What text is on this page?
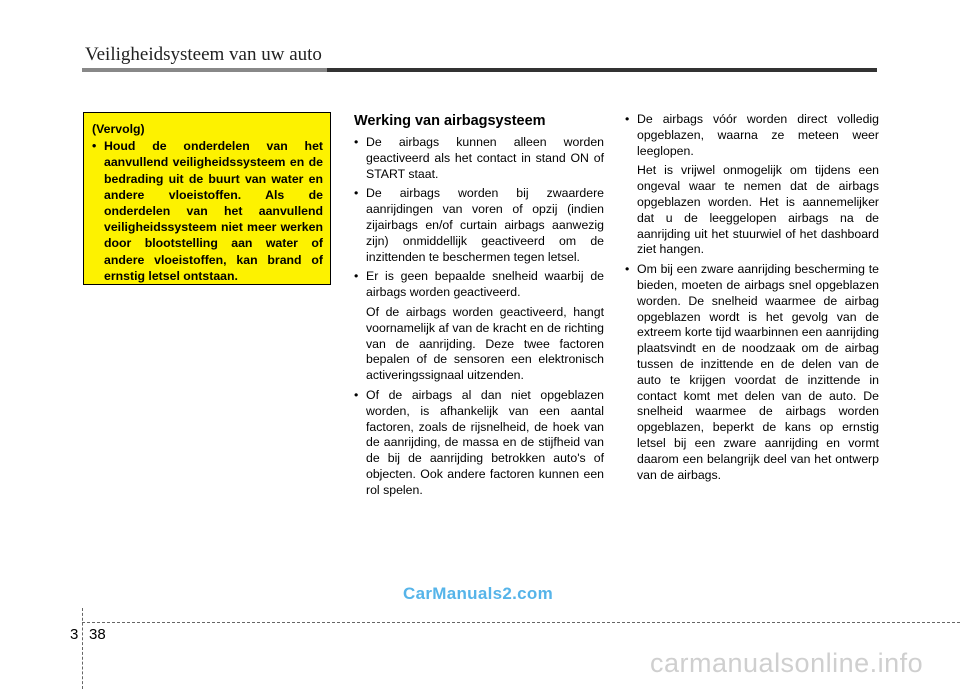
Veiligheidsysteem van uw auto
(Vervolg)
• Houd de onderdelen van het aanvullend veiligheidssysteem en de bedrading uit de buurt van water en andere vloeistoffen. Als de onderdelen van het aanvullend veiligheidssysteem niet meer werken door blootstelling aan water of andere vloeistoffen, kan brand of ernstig letsel ontstaan.
Werking van airbagsysteem
• De airbags kunnen alleen worden geactiveerd als het contact in stand ON of START staat.

• De airbags worden bij zwaardere aanrijdingen van voren of opzij (indien zijairbags en/of curtain airbags aanwezig zijn) onmiddellijk geactiveerd om de inzittenden te beschermen tegen letsel.

• Er is geen bepaalde snelheid waarbij de airbags worden geactiveerd.

Of de airbags worden geactiveerd, hangt voornamelijk af van de kracht en de richting van de aanrijding. Deze twee factoren bepalen of de sensoren een elektronisch activeringssignaal uitzenden.

• Of de airbags al dan niet opgeblazen worden, is afhankelijk van een aantal factoren, zoals de rijsnelheid, de hoek van de aanrijding, de massa en de stijfheid van de bij de aanrijding betrokken auto's of objecten. Ook andere factoren kunnen een rol spelen.

• De airbags vóór worden direct volledig opgeblazen, waarna ze meteen weer leeglopen.

Het is vrijwel onmogelijk om tijdens een ongeval waar te nemen dat de airbags opgeblazen worden. Het is aannemelijker dat u de leeggelopen airbags na de aanrijding uit het stuurwiel of het dashboard ziet hangen.

• Om bij een zware aanrijding bescherming te bieden, moeten de airbags snel opgeblazen worden. De snelheid waarmee de airbag opgeblazen wordt is het gevolg van de extreem korte tijd waarbinnen een aanrijding plaatsvindt en de noodzaak om de airbag tussen de inzittende en de delen van de auto te krijgen voordat de inzittende in contact komt met delen van de auto. De snelheid waarmee de airbags worden opgeblazen, beperkt de kans op ernstig letsel bij een zware aanrijding en vormt daarom een belangrijk deel van het ontwerp van de airbags.

CarManuals2.com
3 38
carmanualsonline.info
